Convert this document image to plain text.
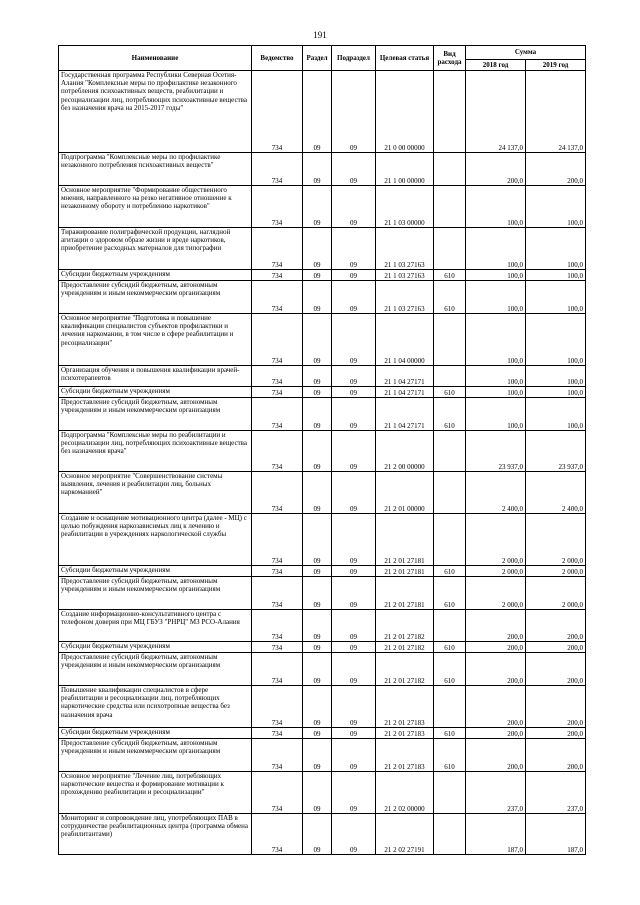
191
Наименование	Ведомство	Раздел	Подраздел	Целевая статья	Вид расхода	Сумма	
						2018 год	2019 год
Государственная программа Республики Северная Осетия-Алания "Комплексные меры по профилактике незаконного потребления психоактивных веществ, реабилитации и ресоциализации лиц, потребляющих психоактивные вещества без назначения врача на 2015-2017 годы"	734	09	09	21 0 00 00000		24 137,0	24 137,0
Подпрограмма "Комплексные меры по профилактике незаконного потребления психоактивных веществ"	734	09	09	21 1 00 00000		200,0	200,0
Основное мероприятие "Формирование общественного мнения, направленного на резко негативное отношение к незаконному обороту и потреблению наркотиков"	734	09	09	21 1 03 00000		100,0	100,0
Тиражирование полиграфической продукции, наглядной агитации о здоровом образе жизни и вреде наркотиков, приобретение расходных материалов для типографии	734	09	09	21 1 03 27163		100,0	100,0
Субсидии бюджетным учреждениям	734	09	09	21 1 03 27163	610	100,0	100,0
Предоставление субсидий бюджетным, автономным учреждениям и иным некоммерческим организациям	734	09	09	21 1 03 27163	610	100,0	100,0
Основное мероприятие "Подготовка и повышение квалификации специалистов субъектов профилактики и лечения наркомании, в том числе в сфере реабилитации и ресоциализации"	734	09	09	21 1 04 00000		100,0	100,0
Организация обучения и повышения квалификации врачей- психотерапевтов	734	09	09	21 1 04 27171		100,0	100,0
Субсидии бюджетным учреждениям	734	09	09	21 1 04 27171	610	100,0	100,0
Предоставление субсидий бюджетным, автономным учреждениям и иным некоммерческим организациям	734	09	09	21 1 04 27171	610	100,0	100,0
Подпрограмма "Комплексные меры по реабилитации и ресоциализации лиц, потребляющих психоактивные вещества без назначения врача"	734	09	09	21 2 00 00000		23 937,0	23 937,0
Основное мероприятие "Совершенствование системы выявления, лечения и реабилитации лиц, больных наркоманией"	734	09	09	21 2 01 00000		2 400,0	2 400,0
Создание и оснащение мотивационного центра (далее - МЦ) с целью побуждения наркозависимых лиц к лечению и реабилитации в учреждениях наркологической службы	734	09	09	21 2 01 27181		2 000,0	2 000,0
Субсидии бюджетным учреждениям	734	09	09	21 2 01 27181	610	2 000,0	2 000,0
Предоставление субсидий бюджетным, автономным учреждениям и иным некоммерческим организациям	734	09	09	21 2 01 27181	610	2 000,0	2 000,0
Создание информационно-консультативного центра с телефоном доверия при МЦ ГБУЗ "РНРЦ" МЗ РСО-Алания	734	09	09	21 2 01 27182		200,0	200,0
Субсидии бюджетным учреждениям	734	09	09	21 2 01 27182	610	200,0	200,0
Предоставление субсидий бюджетным, автономным учреждениям и иным некоммерческим организациям	734	09	09	21 2 01 27182	610	200,0	200,0
Повышение квалификации специалистов в сфере реабилитации и ресоциализации лиц, потребляющих наркотические средства или психотропные вещества без назначения врача	734	09	09	21 2 01 27183		200,0	200,0
Субсидии бюджетным учреждениям	734	09	09	21 2 01 27183	610	200,0	200,0
Предоставление субсидий бюджетным, автономным учреждениям и иным некоммерческим организациям	734	09	09	21 2 01 27183	610	200,0	200,0
Основное мероприятие "Лечение лиц, потребляющих наркотические вещества и формирование мотивации к прохождению реабилитации и ресоциализации"	734	09	09	21 2 02 00000		237,0	237,0
Мониторинг и сопровождение лиц, употребляющих ПАВ в сотрудничестве реабилитационных центра (программа обмена реабилитантами)	734	09	09	21 2 02 27191		187,0	187,0
